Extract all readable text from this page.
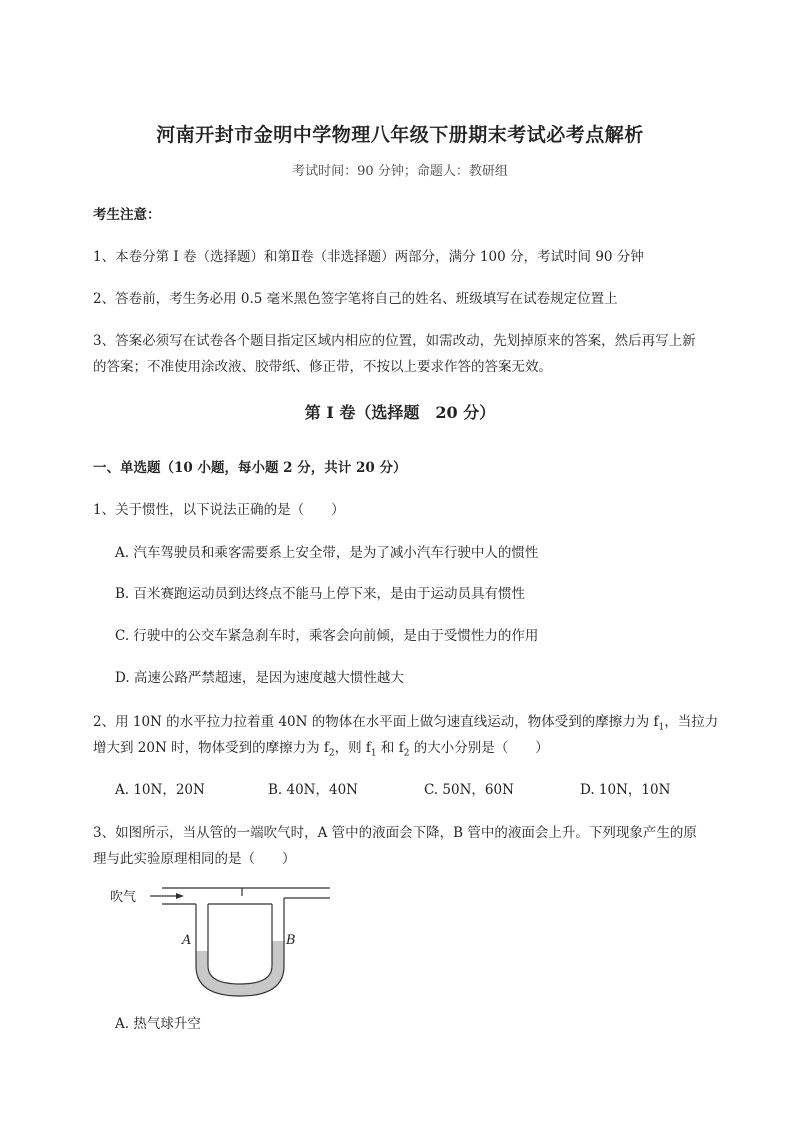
河南开封市金明中学物理八年级下册期末考试必考点解析
考试时间：90 分钟；命题人：教研组
考生注意：
1、本卷分第 I 卷（选择题）和第Ⅱ卷（非选择题）两部分，满分 100 分，考试时间 90 分钟
2、答卷前，考生务必用 0.5 毫米黑色签字笔将自己的姓名、班级填写在试卷规定位置上
3、答案必须写在试卷各个题目指定区域内相应的位置，如需改动，先划掉原来的答案，然后再写上新
的答案；不准使用涂改液、胶带纸、修正带，不按以上要求作答的答案无效。
第 I 卷（选择题　20 分）
一、单选题（10 小题，每小题 2 分，共计 20 分）
1、关于惯性，以下说法正确的是（　　）
A. 汽车驾驶员和乘客需要系上安全带，是为了减小汽车行驶中人的惯性
B. 百米赛跑运动员到达终点不能马上停下来，是由于运动员具有惯性
C. 行驶中的公交车紧急刹车时，乘客会向前倾，是由于受惯性力的作用
D. 高速公路严禁超速，是因为速度越大惯性越大
2、用 10N 的水平拉力拉着重 40N 的物体在水平面上做匀速直线运动，物体受到的摩擦力为 $f_1$，当拉力
增大到 20N 时，物体受到的摩擦力为 $f_2$，则 $f_1$ 和 $f_2$ 的大小分别是（　　）
A. 10N，20N	B. 40N，40N	C. 50N，60N	D. 10N，10N
3、如图所示，当从管的一端吹气时，A 管中的液面会下降，B 管中的液面会上升。下列现象产生的原
理与此实验原理相同的是（　　）
吹气
A	B
A. 热气球升空
